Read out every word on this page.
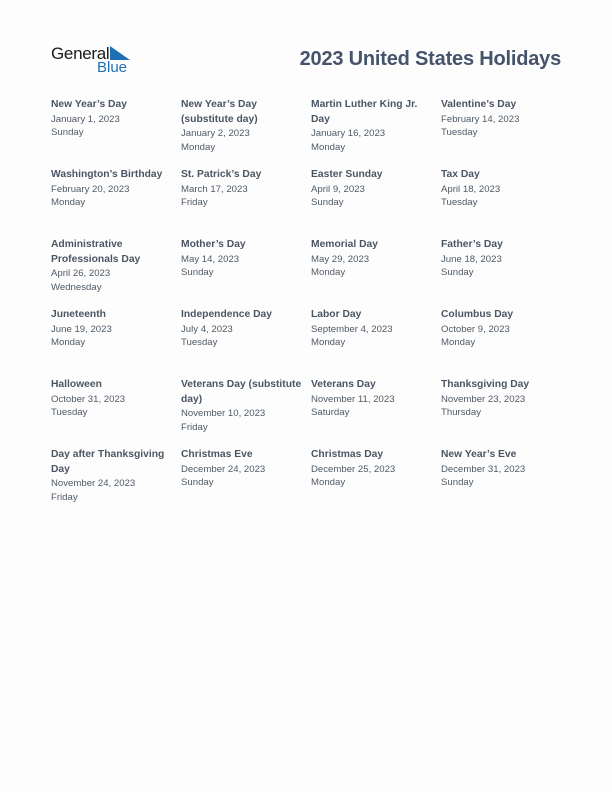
General
Blue	2023 United States Holidays
New Year’s Day
January 1, 2023
Sunday
New Year’s Day (substitute day)
January 2, 2023
Monday
Martin Luther King Jr. Day
January 16, 2023
Monday
Valentine’s Day
February 14, 2023
Tuesday
Washington’s Birthday
February 20, 2023
Monday
St. Patrick’s Day
March 17, 2023
Friday
Easter Sunday
April 9, 2023
Sunday
Tax Day
April 18, 2023
Tuesday
Administrative Professionals Day
April 26, 2023
Wednesday
Mother’s Day
May 14, 2023
Sunday
Memorial Day
May 29, 2023
Monday
Father’s Day
June 18, 2023
Sunday
Juneteenth
June 19, 2023
Monday
Independence Day
July 4, 2023
Tuesday
Labor Day
September 4, 2023
Monday
Columbus Day
October 9, 2023
Monday
Halloween
October 31, 2023
Tuesday
Veterans Day (substitute day)
November 10, 2023
Friday
Veterans Day
November 11, 2023
Saturday
Thanksgiving Day
November 23, 2023
Thursday
Day after Thanksgiving Day
November 24, 2023
Friday
Christmas Eve
December 24, 2023
Sunday
Christmas Day
December 25, 2023
Monday
New Year’s Eve
December 31, 2023
Sunday
